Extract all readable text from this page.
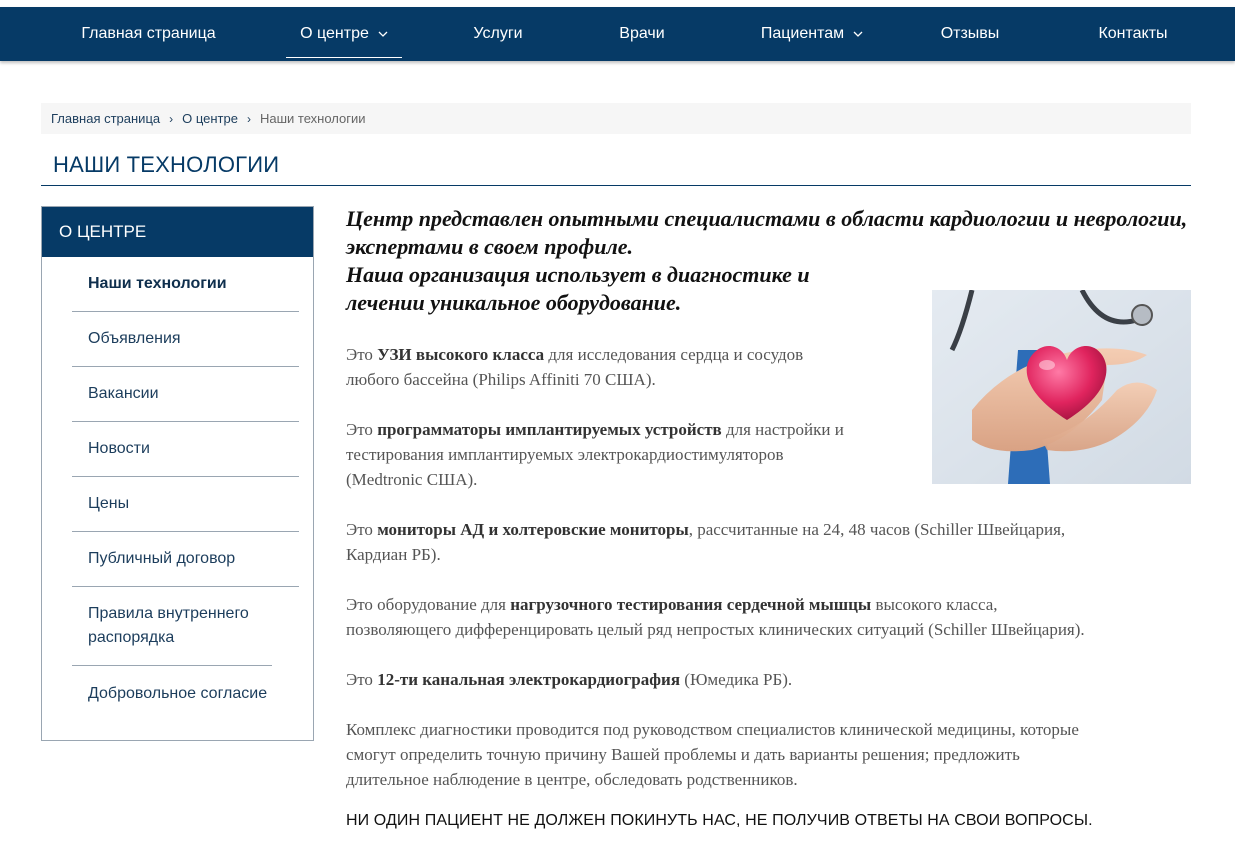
Главная страница	О центре	Услуги	Врачи	Пациентам	Отзывы	Контакты
Главная страница › О центре › Наши технологии
НАШИ ТЕХНОЛОГИИ
О ЦЕНТРЕ
Наши технологии
Объявления
Вакансии
Новости
Цены
Публичный договор
Правила внутреннего распорядка
Добровольное согласие

Центр представлен опытными специалистами в области кардиологии и неврологии, экспертами в своем профиле.

Наша организация использует в диагностике и

лечении уникальное оборудование.

Это УЗИ высокого класса для исследования сердца и сосудов
любого бассейна (Philips Affiniti 70 США).
Это программаторы имплантируемых устройств для настройки и
тестирования имплантируемых электрокардиостимуляторов
(Medtronic США).
Это мониторы АД и холтеровские мониторы, рассчитанные на 24, 48 часов (Schiller Швейцария,
Кардиан РБ).
Это оборудование для нагрузочного тестирования сердечной мышцы высокого класса,
позволяющего дифференцировать целый ряд непростых клинических ситуаций (Schiller Швейцария).
Это 12-ти канальная электрокардиография (Юмедика РБ).
Комплекс диагностики проводится под руководством специалистов клинической медицины, которые
смогут определить точную причину Вашей проблемы и дать варианты решения; предложить
длительное наблюдение в центре, обследовать родственников.
НИ ОДИН ПАЦИЕНТ НЕ ДОЛЖЕН ПОКИНУТЬ НАС, НЕ ПОЛУЧИВ ОТВЕТЫ НА СВОИ ВОПРОСЫ.
